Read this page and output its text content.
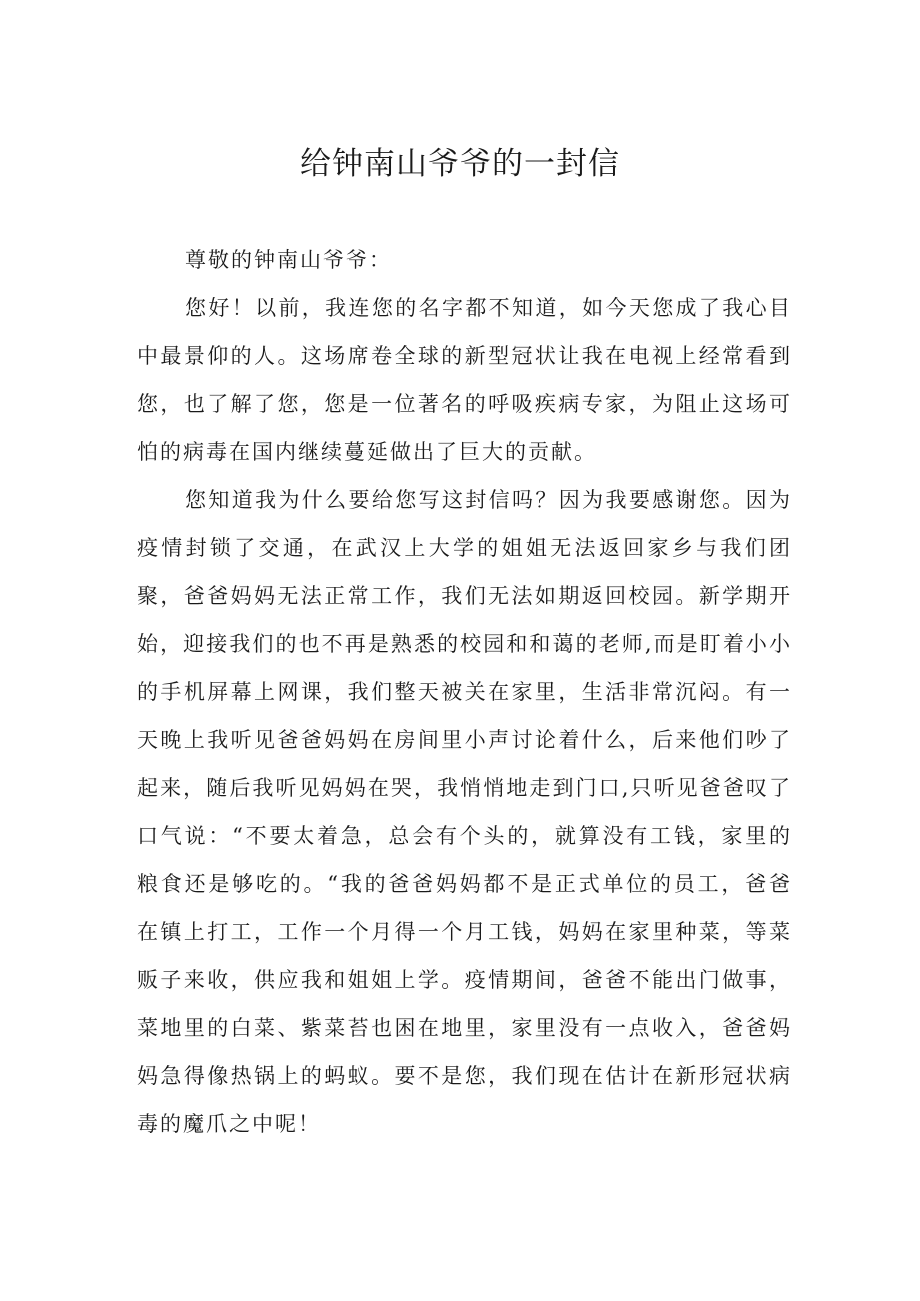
给钟南山爷爷的一封信

尊敬的钟南山爷爷：

您好！以前，我连您的名字都不知道，如今天您成了我心目中最景仰的人。这场席卷全球的新型冠状让我在电视上经常看到您，也了解了您，您是一位著名的呼吸疾病专家，为阻止这场可怕的病毒在国内继续蔓延做出了巨大的贡献。

您知道我为什么要给您写这封信吗？因为我要感谢您。因为疫情封锁了交通，在武汉上大学的姐姐无法返回家乡与我们团聚，爸爸妈妈无法正常工作，我们无法如期返回校园。新学期开始，迎接我们的也不再是熟悉的校园和和蔼的老师,而是盯着小小的手机屏幕上网课，我们整天被关在家里，生活非常沉闷。有一天晚上我听见爸爸妈妈在房间里小声讨论着什么，后来他们吵了起来，随后我听见妈妈在哭，我悄悄地走到门口,只听见爸爸叹了口气说：“不要太着急，总会有个头的，就算没有工钱，家里的粮食还是够吃的。“我的爸爸妈妈都不是正式单位的员工，爸爸在镇上打工，工作一个月得一个月工钱，妈妈在家里种菜，等菜贩子来收，供应我和姐姐上学。疫情期间，爸爸不能出门做事，菜地里的白菜、紫菜苔也困在地里，家里没有一点收入，爸爸妈妈急得像热锅上的蚂蚁。要不是您，我们现在估计在新形冠状病毒的魔爪之中呢！
